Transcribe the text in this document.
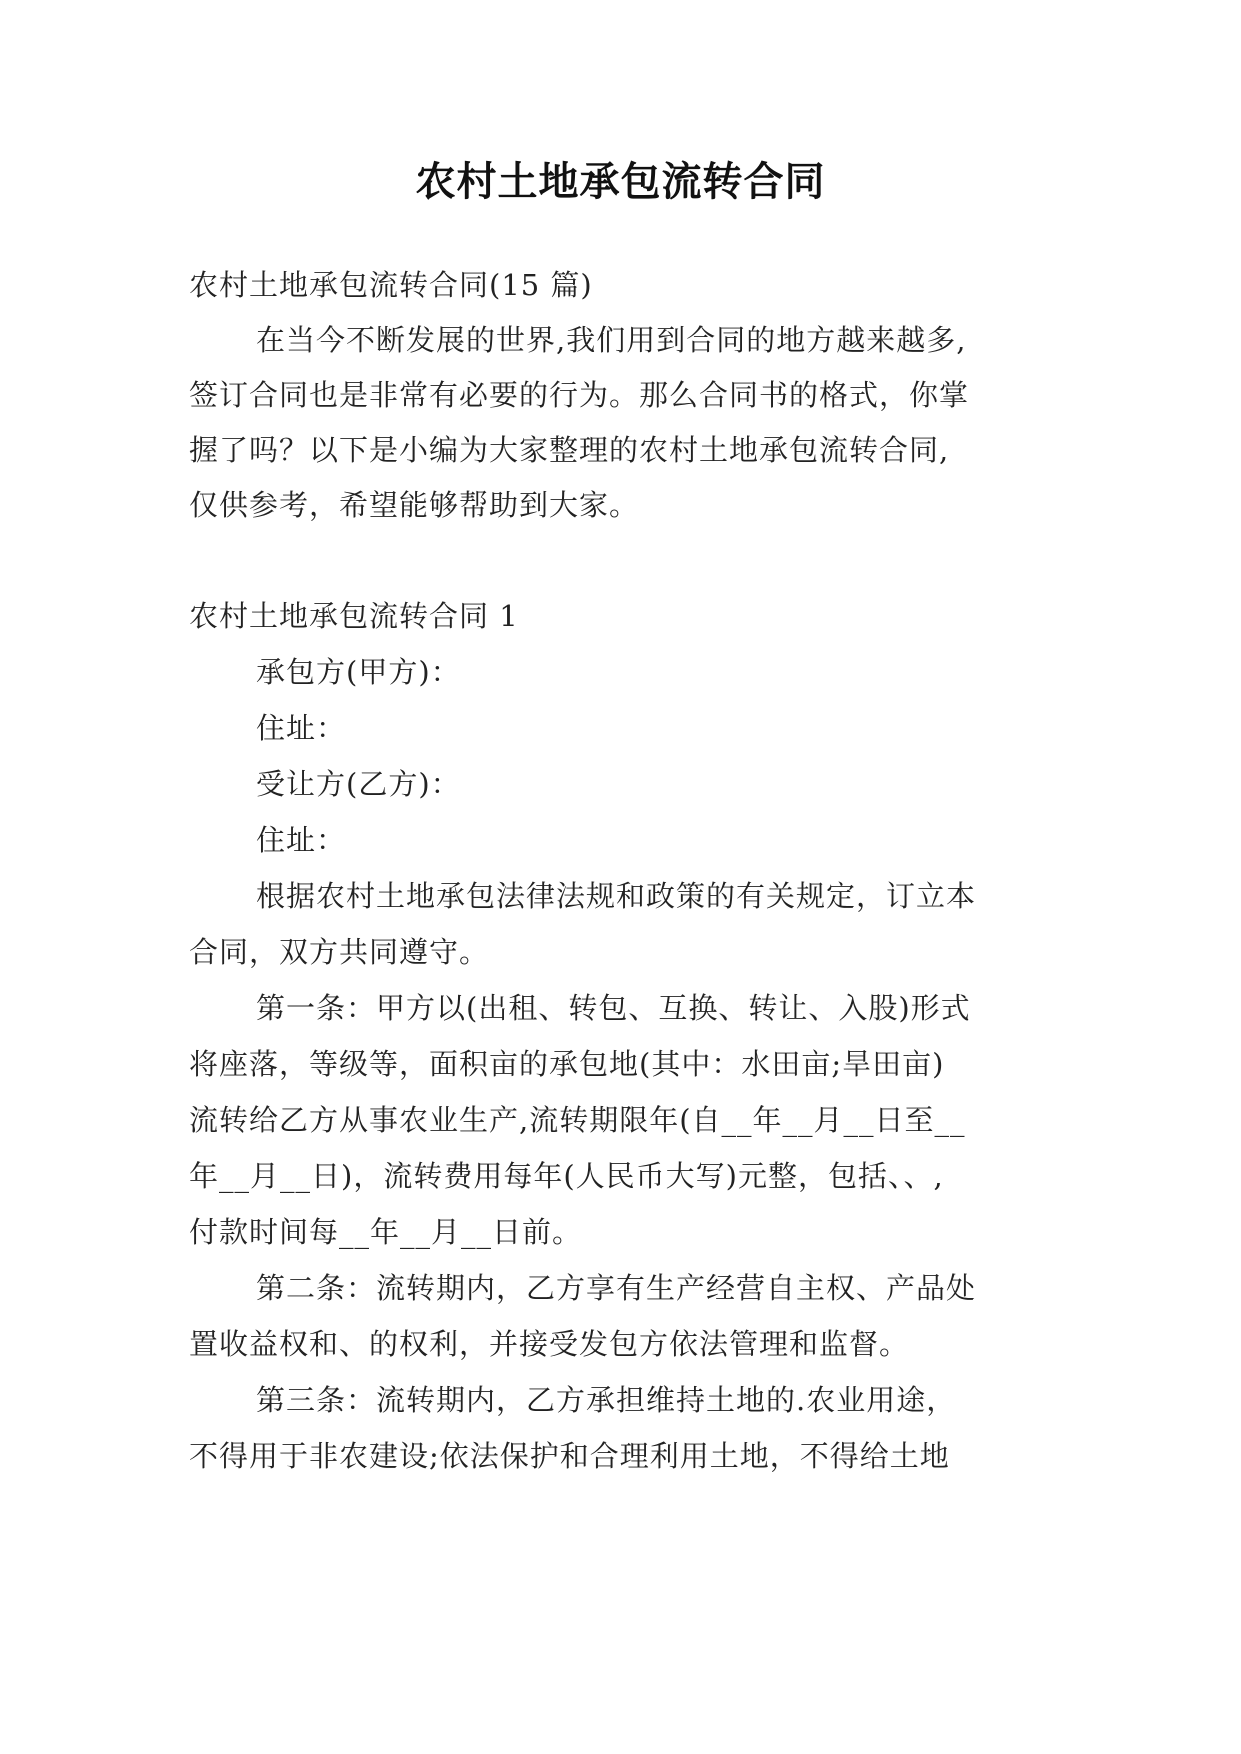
农村土地承包流转合同
农村土地承包流转合同(15 篇)
在当今不断发展的世界,我们用到合同的地方越来越多,
签订合同也是非常有必要的行为。那么合同书的格式，你掌
握了吗？以下是小编为大家整理的农村土地承包流转合同,
仅供参考，希望能够帮助到大家。
农村土地承包流转合同 1
承包方(甲方)：
住址：
受让方(乙方)：
住址：
根据农村土地承包法律法规和政策的有关规定，订立本
合同，双方共同遵守。
第一条：甲方以(出租、转包、互换、转让、入股)形式
将座落，等级等，面积亩的承包地(其中：水田亩;旱田亩)
流转给乙方从事农业生产,流转期限年(自__年__月__日至__
年__月__日)，流转费用每年(人民币大写)元整，包括、、,
付款时间每__年__月__日前。
第二条：流转期内，乙方享有生产经营自主权、产品处
置收益权和、的权利，并接受发包方依法管理和监督。
第三条：流转期内，乙方承担维持土地的.农业用途，
不得用于非农建设;依法保护和合理利用土地，不得给土地
